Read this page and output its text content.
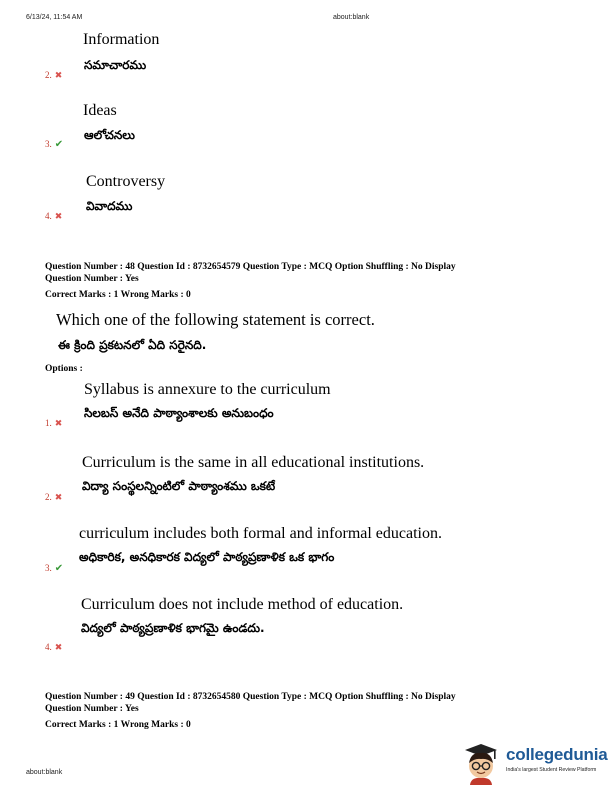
6/13/24, 11:54 AM	about:blank
Information
సమాచారము
2. ✖
Ideas
ఆలోచనలు
3. ✔
Controversy
వివాదము
4. ✖
Question Number : 48 Question Id : 8732654579 Question Type : MCQ Option Shuffling : No Display
Question Number : Yes
Correct Marks : 1 Wrong Marks : 0
Which one of the following statement is correct.
ఈ క్రింది ప్రకటనలో ఏది సరైనది.
Options :
Syllabus is annexure to the curriculum
సిలబస్ అనేది పాఠ్యాంశాలకు అనుబంధం
1. ✖
Curriculum is the same in all educational institutions.
విద్యా సంస్థలన్నింటిలో పాఠ్యాంశము ఒకటే
2. ✖
curriculum includes both formal and informal education.
అధికారిక, అనధికారక విద్యలో పాఠ్యప్రణాళిక ఒక భాగం
3. ✔
Curriculum does not include method of education.
విద్యలో పాఠ్యప్రణాళిక భాగమై ఉండదు.
4. ✖
Question Number : 49 Question Id : 8732654580 Question Type : MCQ Option Shuffling : No Display
Question Number : Yes
Correct Marks : 1 Wrong Marks : 0
about:blank
collegedunia
India's largest Student Review Platform
